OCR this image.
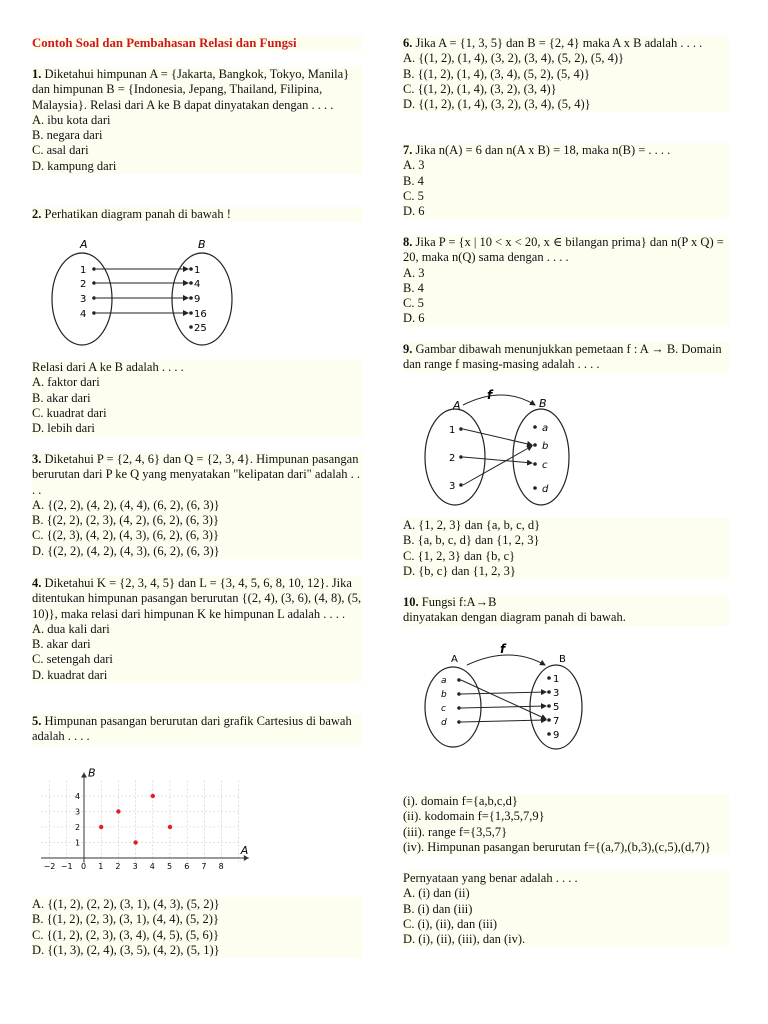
Contoh Soal dan Pembahasan Relasi dan Fungsi
1. Diketahui himpunan A = {Jakarta, Bangkok, Tokyo, Manila} dan himpunan B = {Indonesia, Jepang, Thailand, Filipina, Malaysia}. Relasi dari A ke B dapat dinyatakan dengan . . . .
A. ibu kota dari
B. negara dari
C. asal dari
D. kampung dari
2. Perhatikan diagram panah di bawah !
A	B
1
2
3
4
1
4
9
16
25
Relasi dari A ke B adalah . . . .
A. faktor dari
B. akar dari
C. kuadrat dari
D. lebih dari
3. Diketahui P = {2, 4, 6} dan Q = {2, 3, 4}. Himpunan pasangan berurutan dari P ke Q yang menyatakan "kelipatan dari" adalah . . . .
A. {(2, 2), (4, 2), (4, 4), (6, 2), (6, 3)}
B. {(2, 2), (2, 3), (4, 2), (6, 2), (6, 3)}
C. {(2, 3), (4, 2), (4, 3), (6, 2), (6, 3)}
D. {(2, 2), (4, 2), (4, 3), (6, 2), (6, 3)}
4. Diketahui K = {2, 3, 4, 5} dan L = {3, 4, 5, 6, 8, 10, 12}. Jika ditentukan himpunan pasangan berurutan {(2, 4), (3, 6), (4, 8), (5, 10)}, maka relasi dari himpunan K ke himpunan L adalah . . . .
A. dua kali dari
B. akar dari
C. setengah dari
D. kuadrat dari
5. Himpunan pasangan berurutan dari grafik Cartesius di bawah adalah . . . .
A
B
−2 −1 0 1 2 3 4 5 6 7 8
1
2
3
4
A. {(1, 2), (2, 2), (3, 1), (4, 3), (5, 2)}
B. {(1, 2), (2, 3), (3, 1), (4, 4), (5, 2)}
C. {(1, 2), (2, 3), (3, 4), (4, 5), (5, 6)}
D. {(1, 3), (2, 4), (3, 5), (4, 2), (5, 1)}
6. Jika A = {1, 3, 5} dan B = {2, 4} maka A x B adalah . . . .
A. {(1, 2), (1, 4), (3, 2), (3, 4), (5, 2), (5, 4)}
B. {(1, 2), (1, 4), (3, 4), (5, 2), (5, 4)}
C. {(1, 2), (1, 4), (3, 2), (3, 4)}
D. {(1, 2), (1, 4), (3, 2), (3, 4), (5, 4)}
7. Jika n(A) = 6 dan n(A x B) = 18, maka n(B) = . . . .
A. 3
B. 4
C. 5
D. 6
8. Jika P = {x | 10 < x < 20, x ∈ bilangan prima} dan n(P x Q) = 20, maka n(Q) sama dengan . . . .
A. 3
B. 4
C. 5
D. 6
9. Gambar dibawah menunjukkan pemetaan f : A → B. Domain dan range f masing-masing adalah . . . .
A	B
f
1
2
3
a
b
c
d
A. {1, 2, 3} dan {a, b, c, d}
B. {a, b, c, d} dan {1, 2, 3}
C. {1, 2, 3} dan {b, c}
D. {b, c} dan {1, 2, 3}
10. Fungsi f:A→B
dinyatakan dengan diagram panah di bawah.
A	B
f
a
b
c
d
1
3
5
7
9
(i). domain f={a,b,c,d}
(ii). kodomain f={1,3,5,7,9}
(iii). range f={3,5,7}
(iv). Himpunan pasangan berurutan f={(a,7),(b,3),(c,5),(d,7)}
Pernyataan yang benar adalah . . . .
A. (i) dan (ii)
B. (i) dan (iii)
C. (i), (ii), dan (iii)
D. (i), (ii), (iii), dan (iv).
